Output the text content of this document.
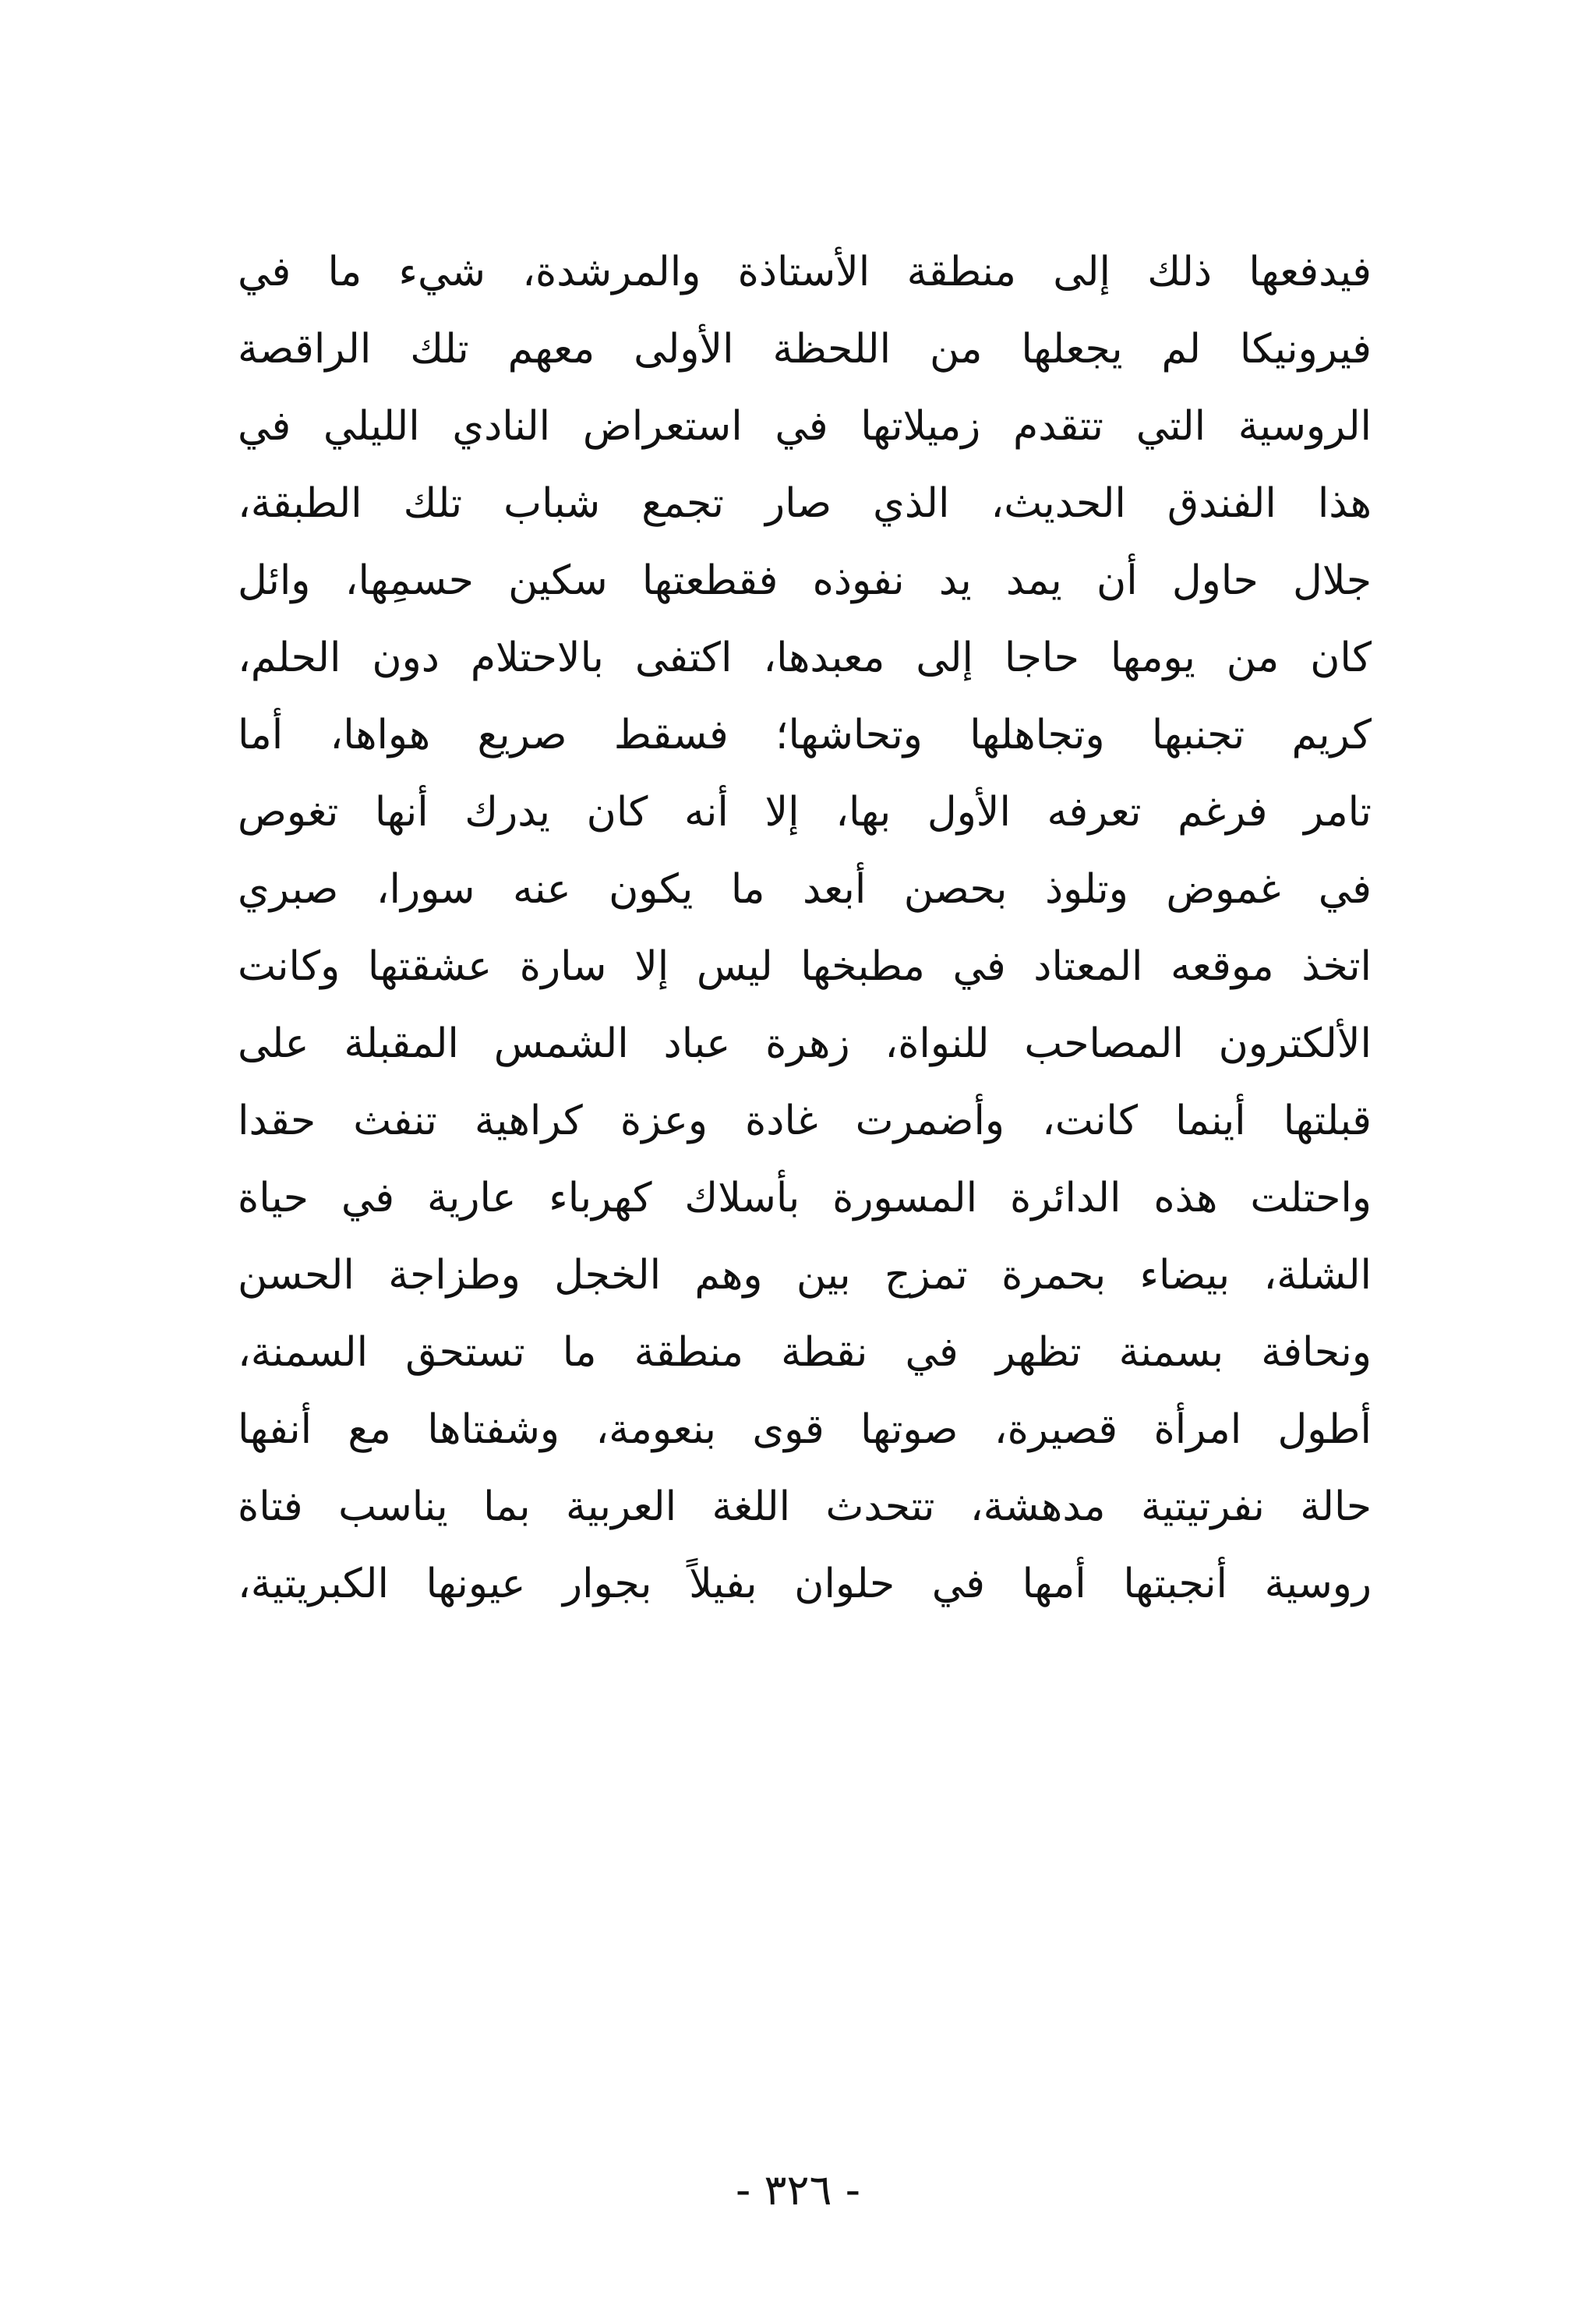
فيدفعها ذلك إلى منطقة الأستاذة والمرشدة، شيء ما في
فيرونيكا لم يجعلها من اللحظة الأولى معهم تلك الراقصة
الروسية التي تتقدم زميلاتها في استعراض النادي الليلي في
هذا الفندق الحديث، الذي صار تجمع شباب تلك الطبقة،
جلال حاول أن يمد يد نفوذه فقطعتها سكين حسمِها، وائل
كان من يومها حاجا إلى معبدها، اكتفى بالاحتلام دون الحلم،
كريم تجنبها وتجاهلها وتحاشها؛ فسقط صريع هواها، أما
تامر فرغم تعرفه الأول بها، إلا أنه كان يدرك أنها تغوص
في غموض وتلوذ بحصن أبعد ما يكون عنه سورا، صبري
اتخذ موقعه المعتاد في مطبخها ليس إلا سارة عشقتها وكانت
الألكترون المصاحب للنواة، زهرة عباد الشمس المقبلة على
قبلتها أينما كانت، وأضمرت غادة وعزة كراهية تنفث حقدا
واحتلت هذه الدائرة المسورة بأسلاك كهرباء عارية في حياة
الشلة، بيضاء بحمرة تمزج بين وهم الخجل وطزاجة الحسن
ونحافة بسمنة تظهر في نقطة منطقة ما تستحق السمنة،
أطول امرأة قصيرة، صوتها قوى بنعومة، وشفتاها مع أنفها
حالة نفرتيتية مدهشة، تتحدث اللغة العربية بما يناسب فتاة
روسية أنجبتها أمها في حلوان بفيلاً بجوار عيونها الكبريتية،
- ٣٢٦ -
